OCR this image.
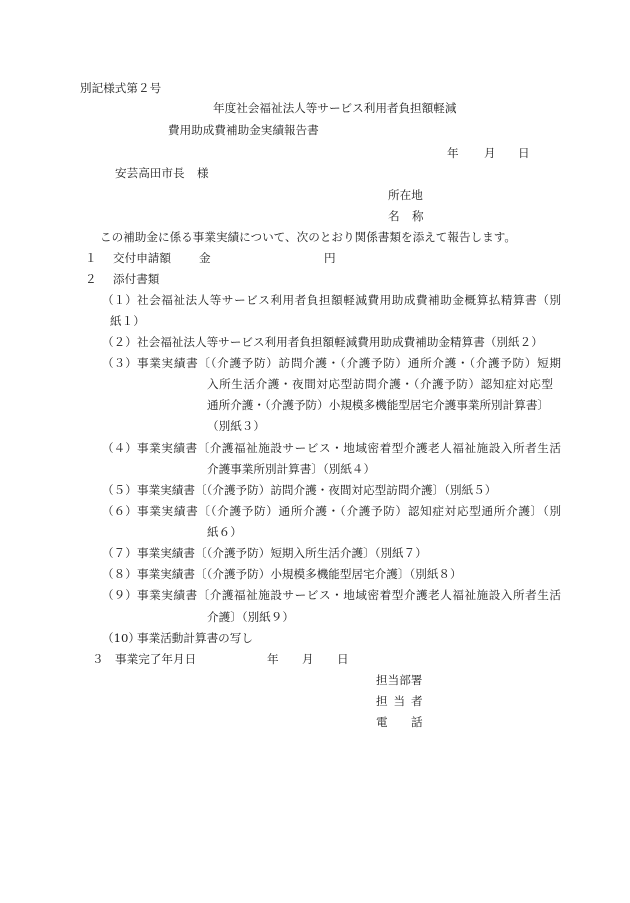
別記様式第２号
年度社会福祉法人等サービス利用者負担額軽減
費用助成費補助金実績報告書
年 月 日
安芸高田市長 様
所在地
名称
この補助金に係る事業実績について、次のとおり関係書類を添えて報告します。
１ 交付申請額 金	円
２ 添付書類
（１） 社会福祉法人等サービス利用者負担額軽減費用助成費補助金概算払精算書（別
紙１）
（２） 社会福祉法人等サービス利用者負担額軽減費用助成費補助金精算書（別紙２）
（３） 事業実績書〔（介護予防）訪問介護・（介護予防）通所介護・（介護予防）短期
入所生活介護・夜間対応型訪問介護・（介護予防）認知症対応型
通所介護・（介護予防）小規模多機能型居宅介護事業所別計算書〕
（別紙３）
（４） 事業実績書〔介護福祉施設サービス・地域密着型介護老人福祉施設入所者生活
介護事業所別計算書〕（別紙４）
（５） 事業実績書〔（介護予防）訪問介護・夜間対応型訪問介護〕（別紙５）
（６） 事業実績書〔（介護予防）通所介護・（介護予防）認知症対応型通所介護〕（別
紙６）
（７） 事業実績書〔（介護予防）短期入所生活介護〕（別紙７）
（８） 事業実績書〔（介護予防）小規模多機能型居宅介護〕（別紙８）
（９） 事業実績書〔介護福祉施設サービス・地域密着型介護老人福祉施設入所者生活
介護〕（別紙９）
（10）
事業活動計算書の写し
３ 事業完了年月日	年 月 日
担当部署
担当者
電話
